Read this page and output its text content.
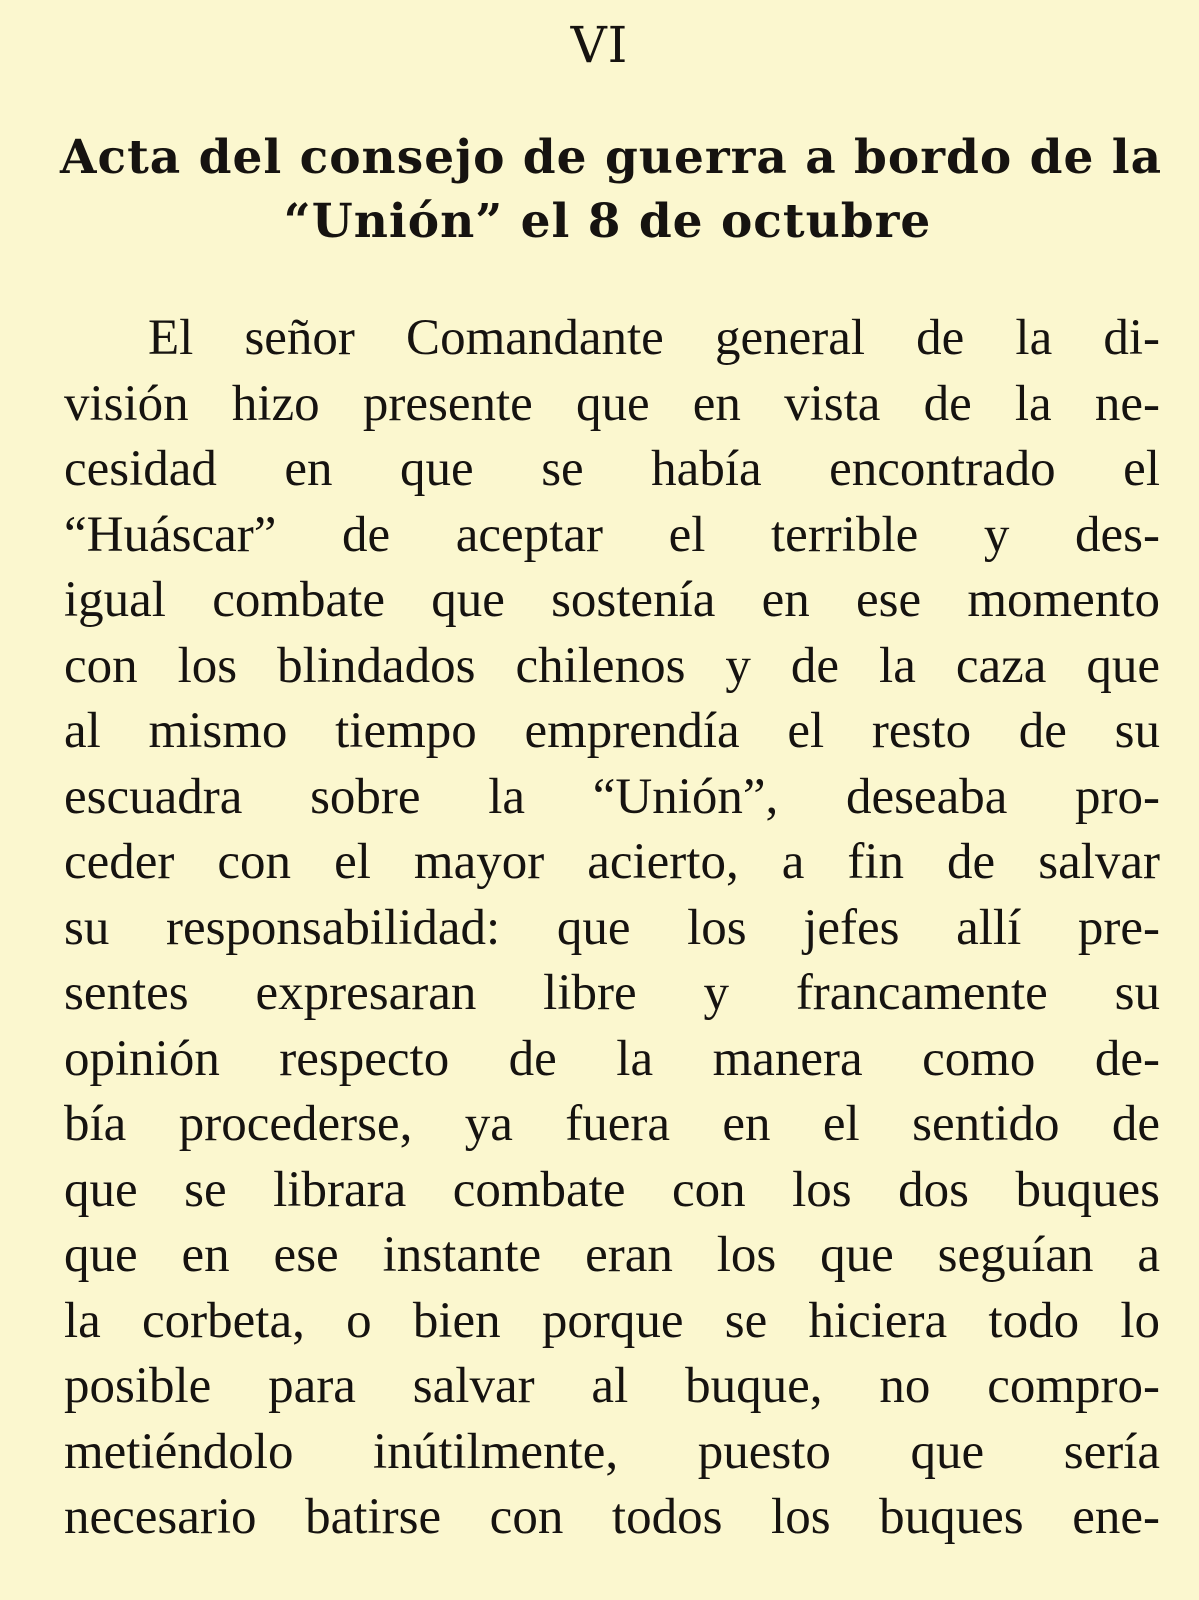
VI
Acta del consejo de guerra a bordo de la
“Unión” el 8 de octubre
El señor Comandante general de la di-
visión hizo presente que en vista de la ne-
cesidad en que se había encontrado el
“Huáscar” de aceptar el terrible y des-
igual combate que sostenía en ese momento
con los blindados chilenos y de la caza que
al mismo tiempo emprendía el resto de su
escuadra sobre la “Unión”, deseaba pro-
ceder con el mayor acierto, a fin de salvar
su responsabilidad: que los jefes allí pre-
sentes expresaran libre y francamente su
opinión respecto de la manera como de-
bía procederse, ya fuera en el sentido de
que se librara combate con los dos buques
que en ese instante eran los que seguían a
la corbeta, o bien porque se hiciera todo lo
posible para salvar al buque, no compro-
metiéndolo inútilmente, puesto que sería
necesario batirse con todos los buques ene-
